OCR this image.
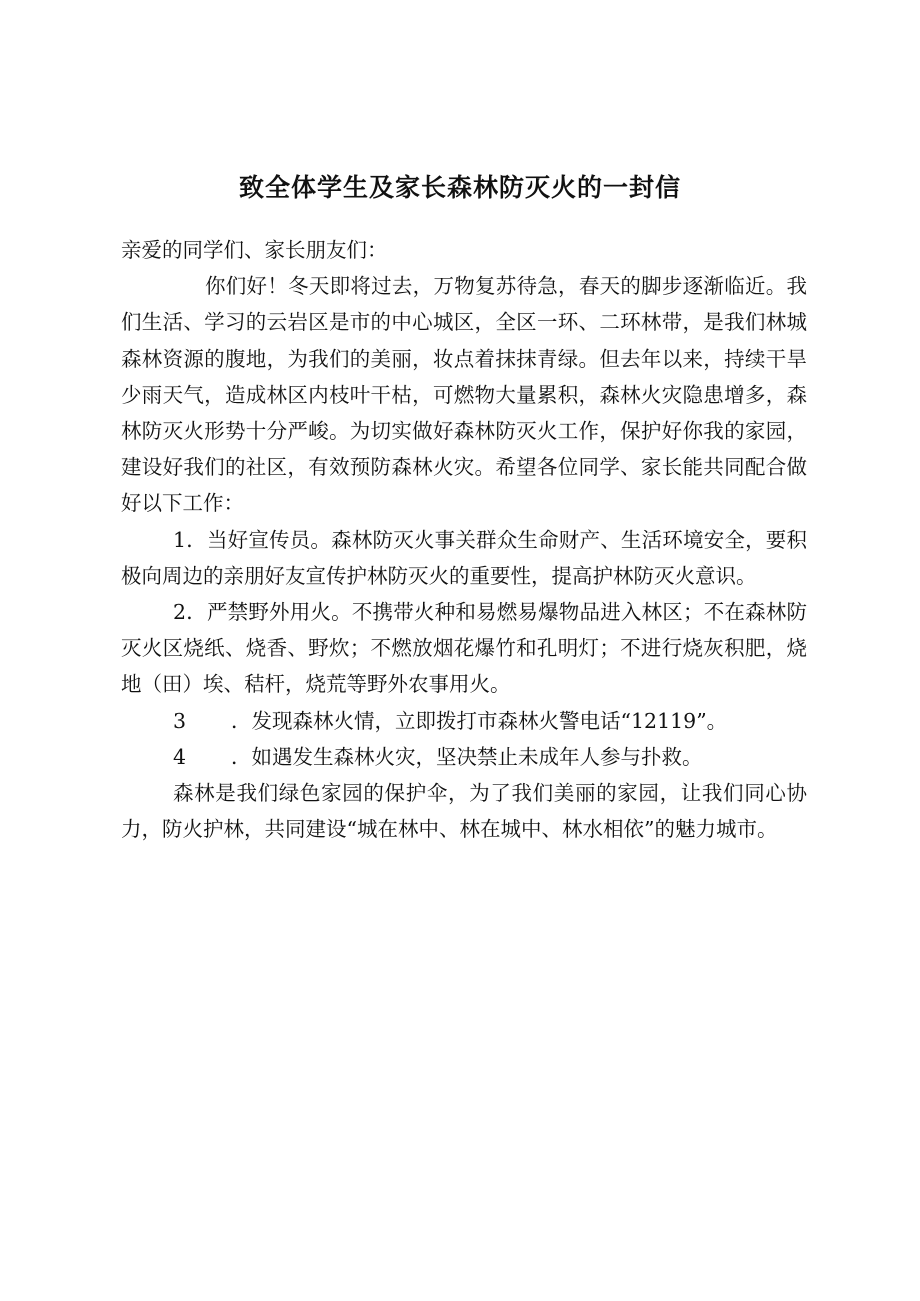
致全体学生及家长森林防灭火的一封信

亲爱的同学们、家长朋友们：

你们好！冬天即将过去，万物复苏待急，春天的脚步逐渐临近。我们生活、学习的云岩区是市的中心城区，全区一环、二环林带，是我们林城森林资源的腹地，为我们的美丽，妆点着抹抹青绿。但去年以来，持续干旱少雨天气，造成林区内枝叶干枯，可燃物大量累积，森林火灾隐患增多，森林防灭火形势十分严峻。为切实做好森林防灭火工作，保护好你我的家园，建设好我们的社区，有效预防森林火灾。希望各位同学、家长能共同配合做好以下工作：

1．当好宣传员。森林防灭火事关群众生命财产、生活环境安全，要积极向周边的亲朋好友宣传护林防灭火的重要性，提高护林防灭火意识。

2．严禁野外用火。不携带火种和易燃易爆物品进入林区；不在森林防灭火区烧纸、烧香、野炊；不燃放烟花爆竹和孔明灯；不进行烧灰积肥，烧地（田）埃、秸杆，烧荒等野外农事用火。

3 ．发现森林火情，立即拨打市森林火警电话“12119”。

4 ．如遇发生森林火灾，坚决禁止未成年人参与扑救。

森林是我们绿色家园的保护伞，为了我们美丽的家园，让我们同心协力，防火护林，共同建设“城在林中、林在城中、林水相依”的魅力城市。
